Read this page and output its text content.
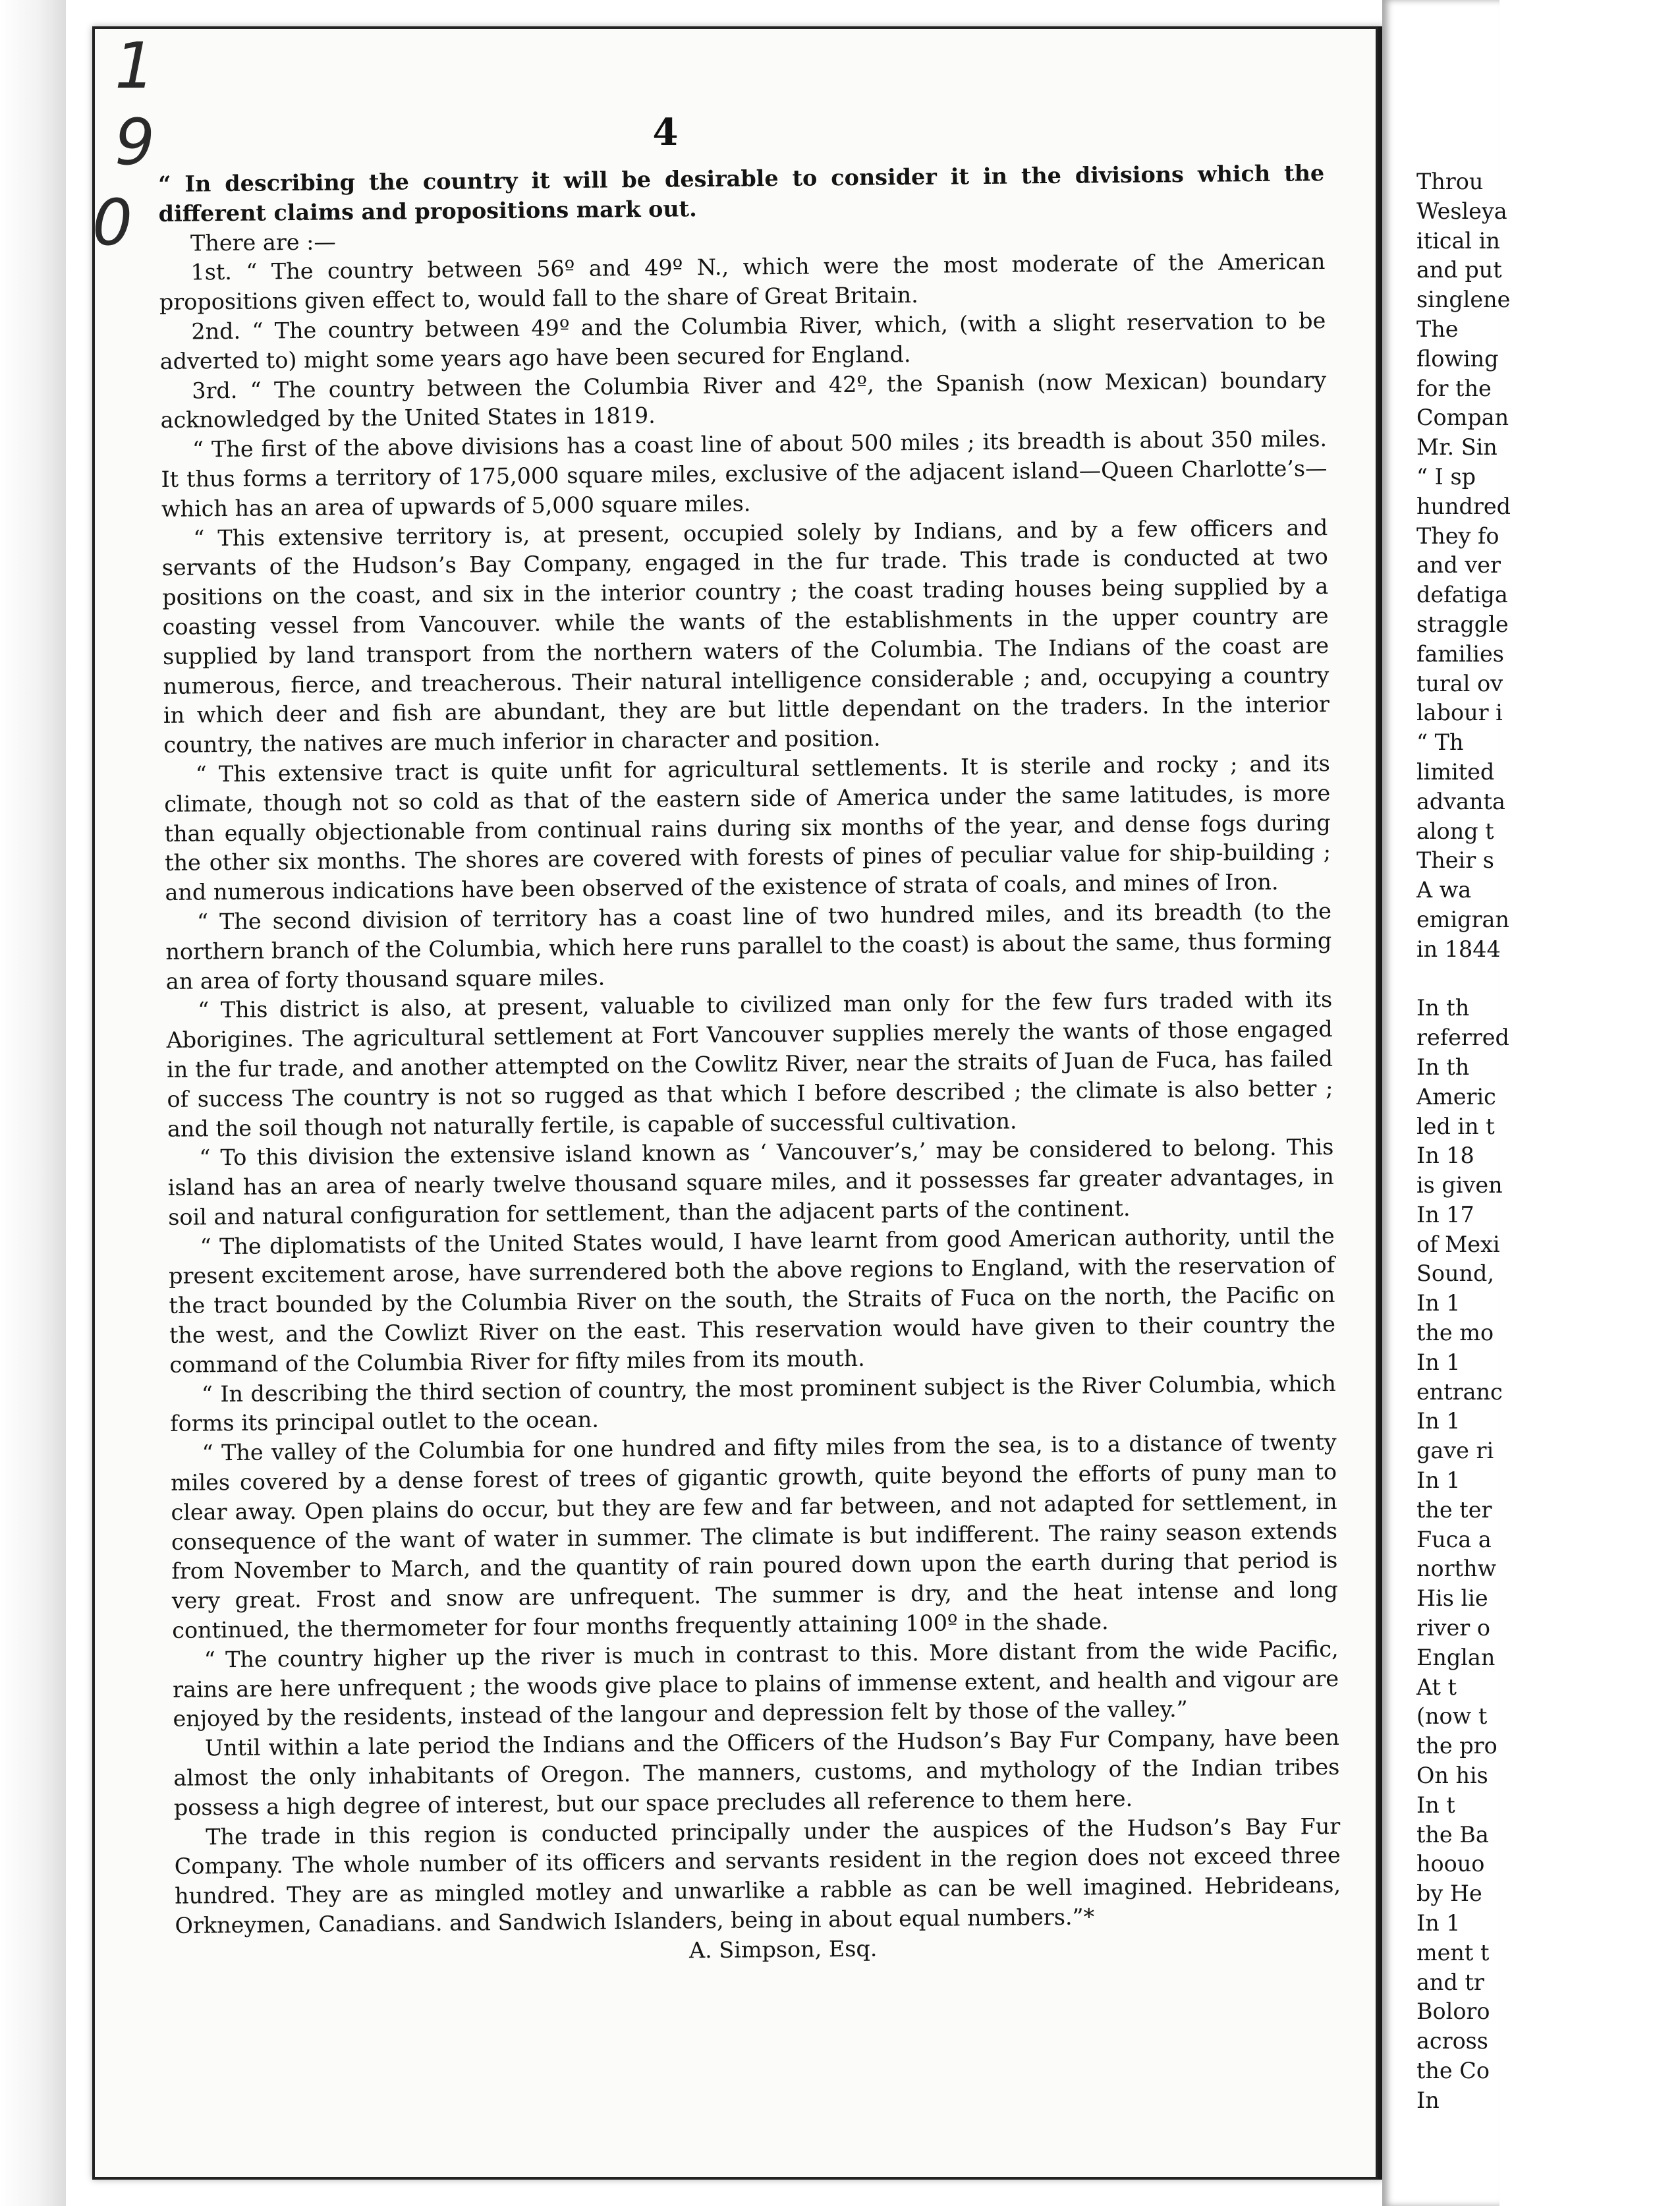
1
9
0
4

“ In describing the country it will be desirable to consider it in the divisions which the different claims and propositions mark out.

There are :—

1st. “ The country between 56º and 49º N., which were the most moderate of the American propositions given effect to, would fall to the share of Great Britain.

2nd. “ The country between 49º and the Columbia River, which, (with a slight reservation to be adverted to) might some years ago have been secured for England.

3rd. “ The country between the Columbia River and 42º, the Spanish (now Mexican) boundary acknowledged by the United States in 1819.

“ The first of the above divisions has a coast line of about 500 miles ; its breadth is about 350 miles. It thus forms a territory of 175,000 square miles, exclusive of the adjacent island—Queen Charlotte’s—which has an area of upwards of 5,000 square miles.

“ This extensive territory is, at present, occupied solely by Indians, and by a few officers and servants of the Hudson’s Bay Company, engaged in the fur trade. This trade is conducted at two positions on the coast, and six in the interior country ; the coast trading houses being supplied by a coasting vessel from Vancouver. while the wants of the establishments in the upper country are supplied by land transport from the northern waters of the Columbia. The Indians of the coast are numerous, fierce, and treacherous. Their natural intelligence considerable ; and, occupying a country in which deer and fish are abundant, they are but little dependant on the traders. In the interior country, the natives are much inferior in character and position.

“ This extensive tract is quite unfit for agricultural settlements. It is sterile and rocky ; and its climate, though not so cold as that of the eastern side of America under the same latitudes, is more than equally objectionable from continual rains during six months of the year, and dense fogs during the other six months. The shores are covered with forests of pines of peculiar value for ship-building ; and numerous indications have been observed of the existence of strata of coals, and mines of Iron.

“ The second division of territory has a coast line of two hundred miles, and its breadth (to the northern branch of the Columbia, which here runs parallel to the coast) is about the same, thus forming an area of forty thousand square miles.

“ This district is also, at present, valuable to civilized man only for the few furs traded with its Aborigines. The agricultural settlement at Fort Vancouver supplies merely the wants of those engaged in the fur trade, and another attempted on the Cowlitz River, near the straits of Juan de Fuca, has failed of success The country is not so rugged as that which I before described ; the climate is also better ; and the soil though not naturally fertile, is capable of successful cultivation.

“ To this division the extensive island known as ‘ Vancouver’s,’ may be considered to belong. This island has an area of nearly twelve thousand square miles, and it possesses far greater advantages, in soil and natural configuration for settlement, than the adjacent parts of the continent.

“ The diplomatists of the United States would, I have learnt from good American authority, until the present excitement arose, have surrendered both the above regions to England, with the reservation of the tract bounded by the Columbia River on the south, the Straits of Fuca on the north, the Pacific on the west, and the Cowlizt River on the east. This reservation would have given to their country the command of the Columbia River for fifty miles from its mouth.

“ In describing the third section of country, the most prominent subject is the River Columbia, which forms its principal outlet to the ocean.

“ The valley of the Columbia for one hundred and fifty miles from the sea, is to a distance of twenty miles covered by a dense forest of trees of gigantic growth, quite beyond the efforts of puny man to clear away. Open plains do occur, but they are few and far between, and not adapted for settlement, in consequence of the want of water in summer. The climate is but indifferent. The rainy season extends from November to March, and the quantity of rain poured down upon the earth during that period is very great. Frost and snow are unfrequent. The summer is dry, and the heat intense and long continued, the thermometer for four months frequently attaining 100º in the shade.

“ The country higher up the river is much in contrast to this. More distant from the wide Pacific, rains are here unfrequent ; the woods give place to plains of immense extent, and health and vigour are enjoyed by the residents, instead of the langour and depression felt by those of the valley.”

Until within a late period the Indians and the Officers of the Hudson’s Bay Fur Company, have been almost the only inhabitants of Oregon. The manners, customs, and mythology of the Indian tribes possess a high degree of interest, but our space precludes all reference to them here.

The trade in this region is conducted principally under the auspices of the Hudson’s Bay Fur Company. The whole number of its officers and servants resident in the region does not exceed three hundred. They are as mingled motley and unwarlike a rabble as can be well imagined. Hebrideans, Orkneymen, Canadians. and Sandwich Islanders, being in about equal numbers.”*

A. Simpson, Esq.

Throu
Wesleya
itical in
and put
singlene
The
flowing
for the
Compan
Mr. Sin
“ I sp
hundred
They fo
and ver
defatiga
straggle
families
tural ov
labour i
“ Th
limited
advanta
along t
Their s
A wa
emigran
in 1844
In th
referred
In th
Americ
led in t
In 18
is given
In 17
of Mexi
Sound,
In 1
the mo
In 1
entranc
In 1
gave ri
In 1
the ter
Fuca a
northw
His lie
river o
Englan
At t
(now t
the pro
On his
In t
the Ba
hoouo
by He
In 1
ment t
and tr
Boloro
across
the Co
In
